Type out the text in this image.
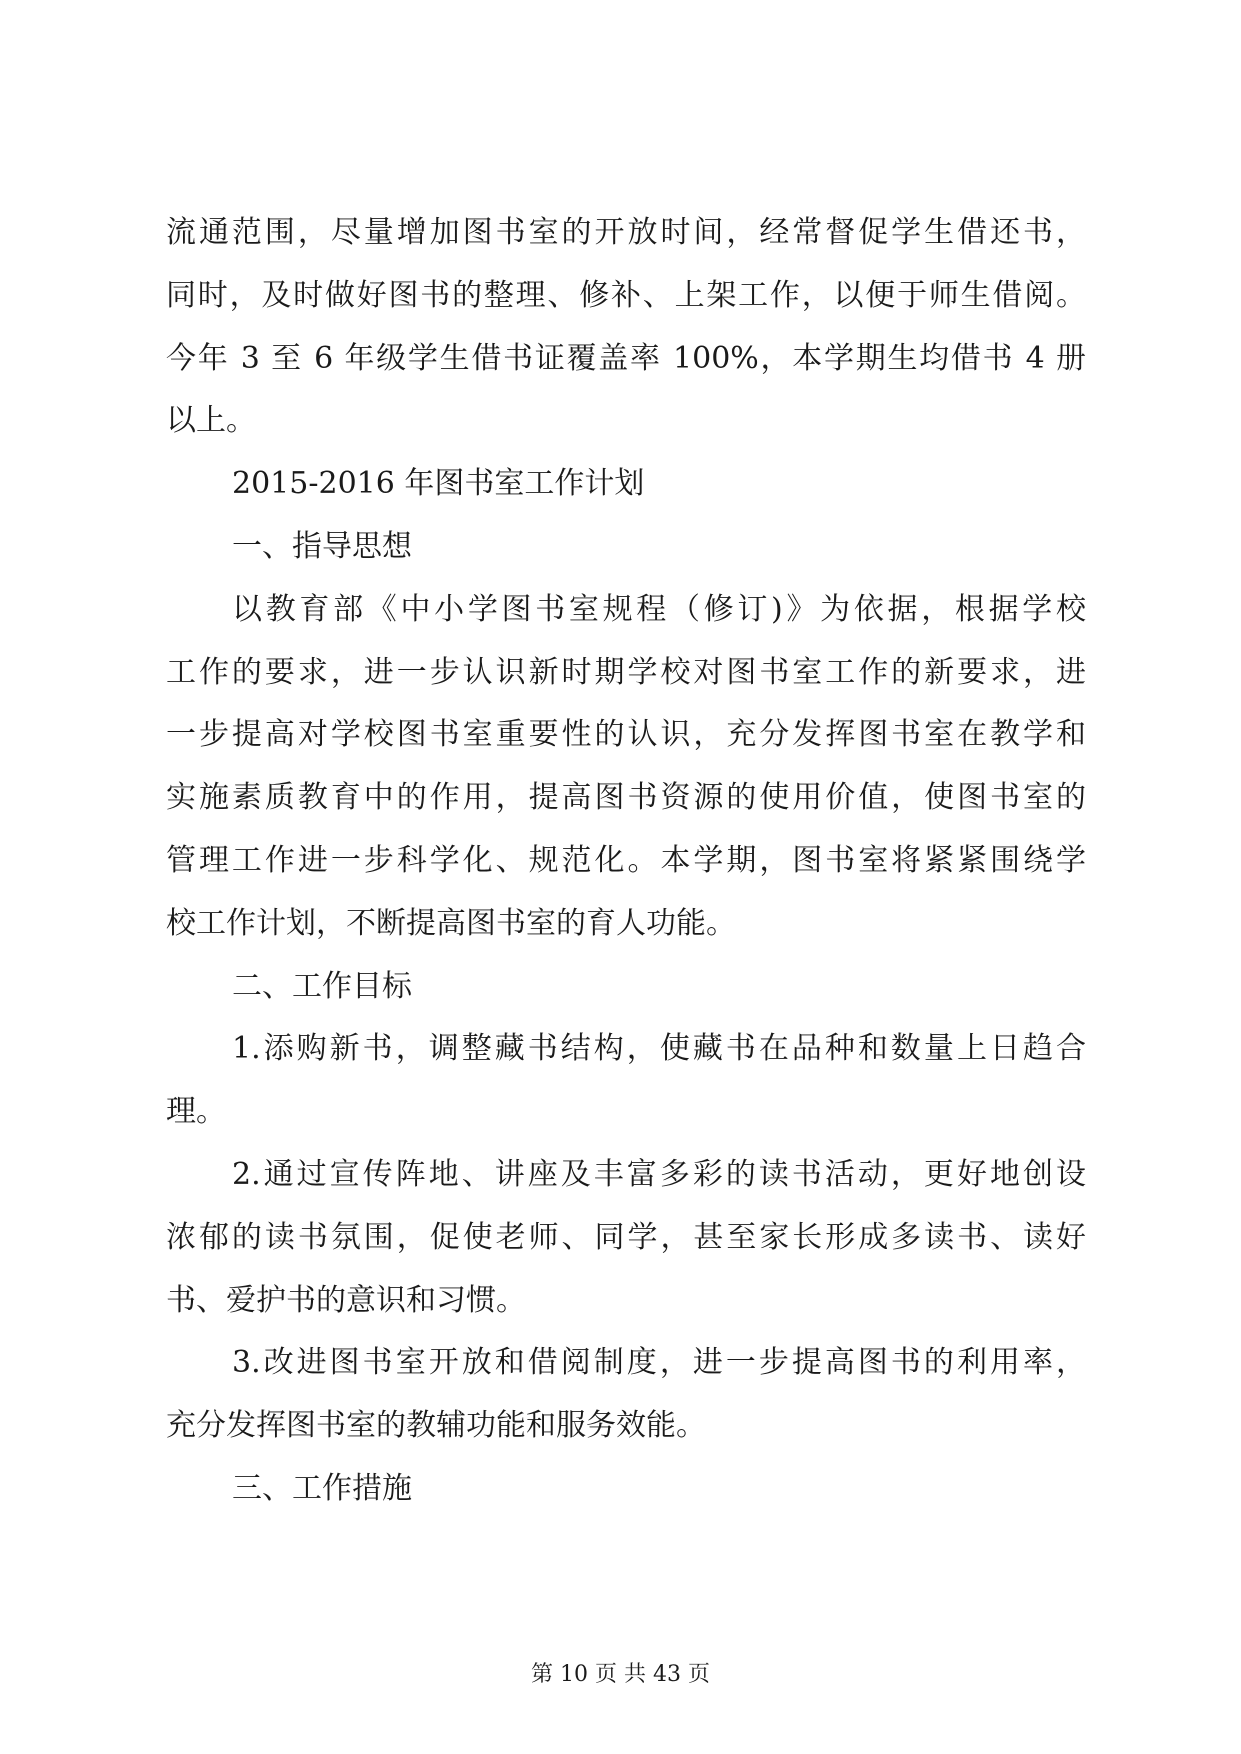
流通范围，尽量增加图书室的开放时间，经常督促学生借还书，
同时，及时做好图书的整理、修补、上架工作，以便于师生借阅。
今年 3 至 6 年级学生借书证覆盖率 100%，本学期生均借书 4 册
以上。
2015-2016 年图书室工作计划
一、指导思想
以教育部《中小学图书室规程（修订)》为依据，根据学校
工作的要求，进一步认识新时期学校对图书室工作的新要求，进
一步提高对学校图书室重要性的认识，充分发挥图书室在教学和
实施素质教育中的作用，提高图书资源的使用价值，使图书室的
管理工作进一步科学化、规范化。本学期，图书室将紧紧围绕学
校工作计划，不断提高图书室的育人功能。
二、工作目标
1.添购新书，调整藏书结构，使藏书在品种和数量上日趋合
理。
2.通过宣传阵地、讲座及丰富多彩的读书活动，更好地创设
浓郁的读书氛围，促使老师、同学，甚至家长形成多读书、读好
书、爱护书的意识和习惯。
3.改进图书室开放和借阅制度，进一步提高图书的利用率，
充分发挥图书室的教辅功能和服务效能。
三、工作措施
第 10 页 共 43 页
